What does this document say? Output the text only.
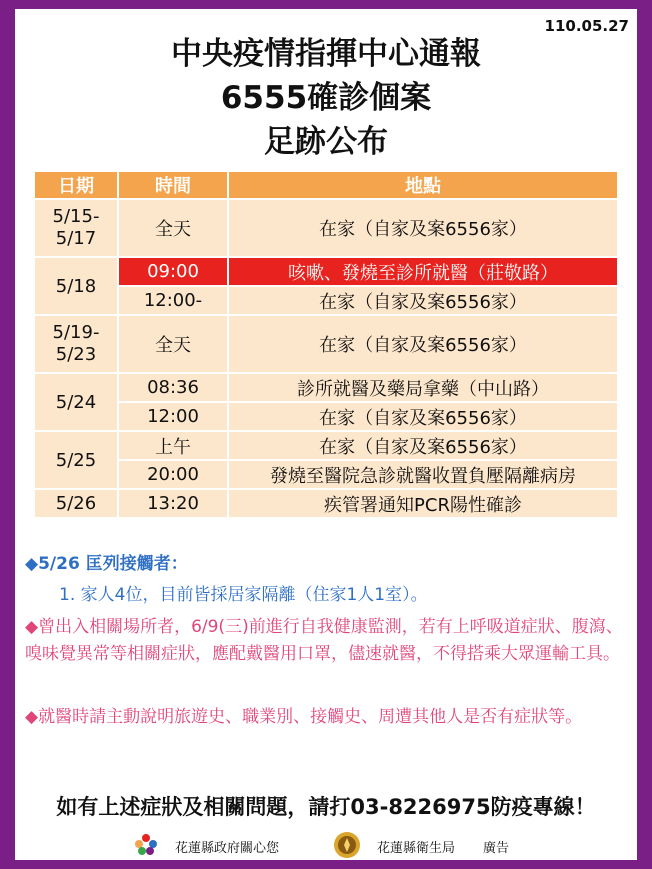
110.05.27
中央疫情指揮中心通報
6555確診個案
足跡公布
日期	時間	地點
5/15-
5/17	全天	在家（自家及案6556家）
5/18	09:00	咳嗽、發燒至診所就醫（莊敬路）
	12:00-	在家（自家及案6556家）
5/19-
5/23	全天	在家（自家及案6556家）
5/24	08:36	診所就醫及藥局拿藥（中山路）
	12:00	在家（自家及案6556家）
5/25	上午	在家（自家及案6556家）
	20:00	發燒至醫院急診就醫收置負壓隔離病房
5/26	13:20	疾管署通知PCR陽性確診
◆5/26 匡列接觸者：
1. 家人4位，目前皆採居家隔離（住家1人1室）。
◆曾出入相關場所者，6/9(三)前進行自我健康監測，若有上呼吸道症狀、腹瀉、嗅味覺異常等相關症狀，應配戴醫用口罩，儘速就醫，不得搭乘大眾運輸工具。
◆就醫時請主動說明旅遊史、職業別、接觸史、周遭其他人是否有症狀等。
如有上述症狀及相關問題，請打03-8226975防疫專線！
花蓮縣政府關心您	花蓮縣衛生局 廣告
